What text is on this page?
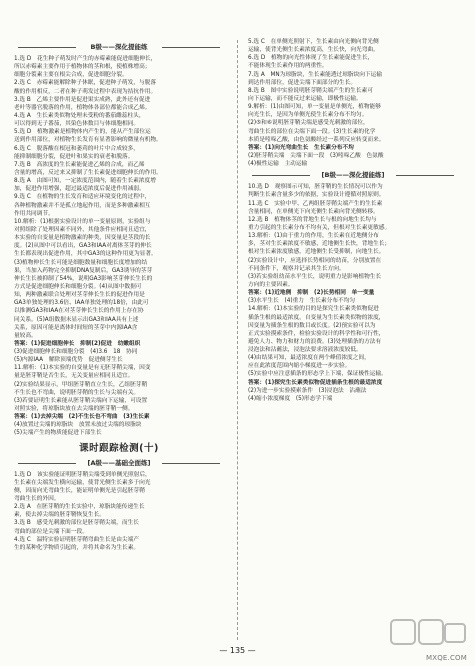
B级——深化提能练
1.选 D　花生种子萌发时产生的赤霉素能促进细胞伸长，
所以赤霉素主要作用于植物体的茎和根，使植株增高；
细胞分裂素主要在根尖合成，促进细胞分裂。
2.选 C　赤霉素能解除种子休眠，促进种子萌发，与脱落
酸的作用相反，二者在种子萌发过程中表现为拮抗作用。
3.选 B　乙烯主要作用是促进果实成熟，此外还有促进
老叶等器官脱落的作用，植物体各部位都能合成乙烯。
4.选 A　生长素类似物处理未受粉的番茄雌蕊柱头，
可以得到无子番茄，其染色体数目与体细胞相同。
5.选 D　植物激素是植物体内产生的，能从产生部位运
送到作用部位，对植物生长发育有显著影响的微量有机物。
6.选 C　脱落酸在根冠和萎蔫的叶片中合成较多，
能抑制细胞分裂，促进叶和果实的衰老和脱落。
7.选 B　高浓度的生长素能促进乙烯的合成，而乙烯
含量的增高，反过来又抑制了生长素促进细胞伸长的作用。
8.选 A　由图可知，一定浓度范围内，随着生长素浓度增
加，促进作用增强，超过最适浓度后促进作用减弱。
9.选 C　在植物的生长发育和适应环境变化的过程中，
各种植物激素并不是孤立地起作用，而是多种激素相互
作用共同调节。
10.解析：(1)根据实验设计的单一变量原则，实验组与
对照组除了处理因素不同外，其他条件应相同且适宜，
本实验的自变量是植物激素的种类，因变量是茎段的长
度。(2)从图中可以看出，GA3和IAA对离体茎芽的伸长
生长都表现出促进作用，其中GA3的这种作用更为显著。
(3)植物伸长生长可能是细胞数量和细胞长度增加的结
果，当加入药物完全抑制DNA复制后，GA3诱导的茎芽
伸长生长被抑制了54%，说明GA3影响茎芽伸长生长的
方式是促进细胞伸长和细胞分裂。(4)从图中数据可
知，两种激素联合处理对茎芽伸长生长的促进作用是
GA3单独处理的3.6倍、IAA单独处理的18倍，由此可
以推测GA3和IAA在对茎芽伸长生长的作用上存在协
同关系。(5)A组数据未显示出GA3和IAA具有上述
关系，原因可能是离体时间短的茎芽中内源IAA含
量较高。
答案：(1)促进细胞伸长　抑制(2)促进　幼嫩组织
(3)促进细胞伸长和细胞分裂　(4)3.6　18　协同
(5)内源IAA　解除顶端优势　促进侧芽生长
11.解析：(1)本实验的自变量是有无胚芽鞘尖端，因变
量是胚芽鞘是否生长，无关变量应相同且适宜。
(2)实验结果显示，甲组胚芽鞘直立生长，乙组胚芽鞘
不生长也不弯曲，说明胚芽鞘的生长与尖端有关。
(3)若要证明生长素能从胚芽鞘尖端向下运输，可设置
对照实验，将琼脂块放在去尖端的胚芽鞘一侧。
答案：(1)去掉尖端　(2)不生长也不弯曲　(3)生长素
(4)放置过尖端的琼脂块　放置未放过尖端的琼脂块
(5)尖端产生的物质能促进下部生长
课时跟踪检测(十)
[A级——基础全面练]
1.选 D　该实验能证明胚芽鞘尖端受到单侧光照射后，
生长素在尖端发生横向运输，使背光侧生长素多于向光
侧，因而向光弯曲生长，能证明单侧光是引起胚芽鞘
弯曲生长的外因。
2.选 A　在胚芽鞘的生长实验中，琼脂块能传递生长
素，使去掉尖端的胚芽鞘恢复生长。
3.选 B　感受光刺激的部位是胚芽鞘尖端，而生长
弯曲的部位是尖端下面一段。
4.选 C　温特实验证明胚芽鞘弯曲生长是由尖端产
生的某种化学物质引起的，并将其命名为生长素。
5.选 C　在单侧光照射下，生长素由向光侧向背光侧
运输，使背光侧生长素浓度高，生长快，向光弯曲。
6.选 D　植物的向光性体现了生长素能促进生长，
不能体现生长素作用的两重性。
7.选 A　MN为琼脂块，生长素能透过琼脂块向下运输
到达作用部位，促进尖端下面部分的生长。
8.选 B　图中实验说明胚芽鞘尖端产生的生长素可
向下运输，而不能反过来运输，即极性运输。
9.解析：(1)由图可知，单一变量是单侧光，植物能够
向光生长，是因为单侧光使生长素分布不均匀。
(2)⑤和⑥说明胚芽鞘尖端是感受光刺激的部位，
弯曲生长的部位在尖端下面一段。(3)生长素的化学
本质是吲哚乙酸，由色氨酸经过一系列反应转变而来。
答案：(1)向光弯曲生长　生长素分布不均
(2)胚芽鞘尖端　尖端下面一段　(3)吲哚乙酸　色氨酸
(4)极性运输　主动运输
[B级——深化提能练]
10.选 D　观察图示可知，胚芽鞘的生长情况可以作为
判断生长素含量多少的依据，实验设计遵循对照原则。
11.选 C　实验中甲、乙两组胚芽鞘尖端产生的生长素
含量相同，在单侧光下向光侧生长素向背光侧转移。
12.选 B　植物体茎的背地生长与根的向地生长均与
重力引起的生长素分布不均有关，但根对生长素更敏感。
13.解析：(1)由于重力的作用，生长素在近地侧分布
多，茎对生长素浓度不敏感，近地侧生长快，背地生长；
根对生长素浓度敏感，近地侧生长受抑制，向地生长。
(2)实验设计中，应选择长势相同的幼苗，分别放置在
不同条件下，观察并记录其生长方向。
(3)若实验组幼苗水平生长，说明重力是影响植物生长
方向的主要因素。
答案：(1)近地侧　抑制　(2)长势相同　单一变量
(3)水平生长　(4)重力　生长素分布不均匀
14.解析：(1)本实验的目的是探究生长素类似物促进
插条生根的最适浓度，自变量为生长素类似物的浓度，
因变量为插条生根的数目或长度。(2)预实验可以为
正式实验摸索条件，检验实验设计的科学性和可行性，
避免人力、物力和财力的浪费。(3)处理插条的方法有
浸泡法和沾蘸法，浸泡法要求溶液浓度较低。
(4)由结果可知，最适浓度在两个峰值浓度之间，
应在此浓度范围内缩小梯度进一步实验。
(5)实验中应注意插条的形态学上下端，保证极性运输。
答案：(1)探究生长素类似物促进插条生根的最适浓度
(2)为进一步实验摸索条件　(3)浸泡法　沾蘸法
(4)缩小浓度梯度　(5)形态学下端
— 135 —
MXQE.COM
